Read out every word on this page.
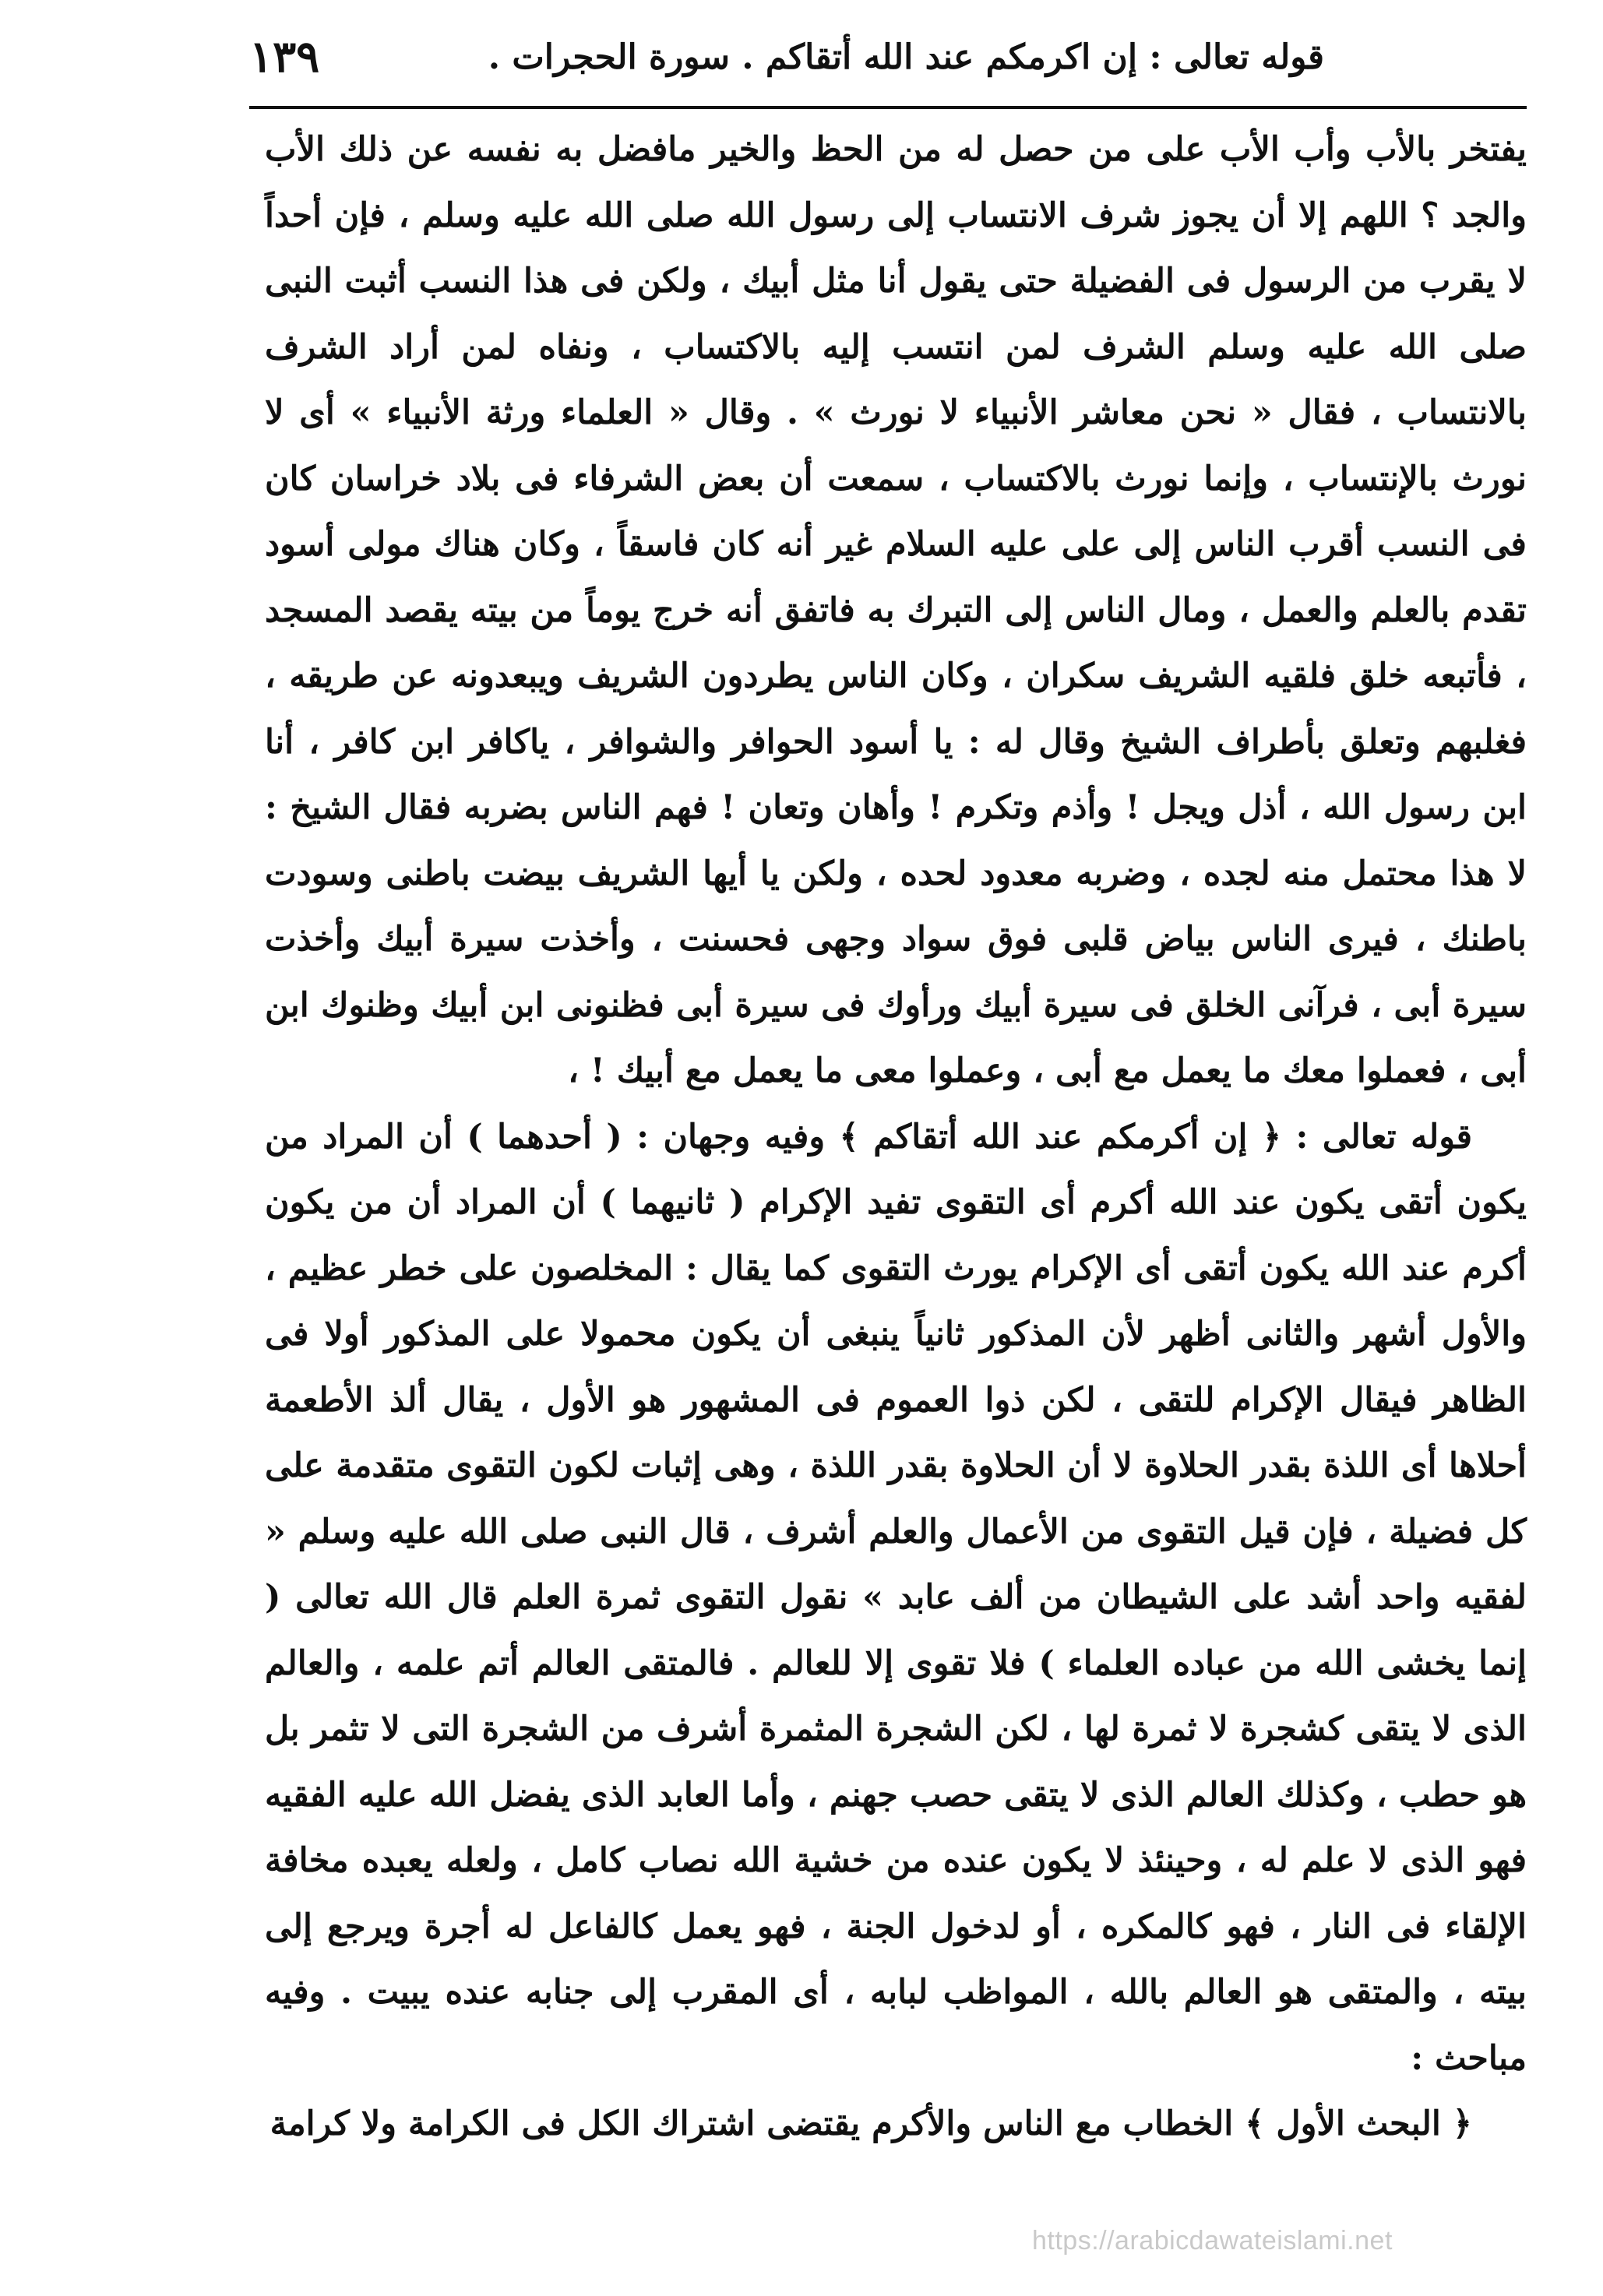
قوله تعالى : إن اكرمكم عند الله أتقاكم . سورة الحجرات .
١٣٩

يفتخر بالأب وأب الأب على من حصل له من الحظ والخير مافضل به نفسه عن ذلك الأب والجد ؟ اللهم إلا أن يجوز شرف الانتساب إلى رسول الله صلى الله عليه وسلم ، فإن أحداً لا يقرب من الرسول فى الفضيلة حتى يقول أنا مثل أبيك ، ولكن فى هذا النسب أثبت النبى صلى الله عليه وسلم الشرف لمن انتسب إليه بالاكتساب ، ونفاه لمن أراد الشرف بالانتساب ، فقال « نحن معاشر الأنبياء لا نورث » . وقال « العلماء ورثة الأنبياء » أى لا نورث بالإنتساب ، وإنما نورث بالاكتساب ، سمعت أن بعض الشرفاء فى بلاد خراسان كان فى النسب أقرب الناس إلى على عليه السلام غير أنه كان فاسقاً ، وكان هناك مولى أسود تقدم بالعلم والعمل ، ومال الناس إلى التبرك به فاتفق أنه خرج يوماً من بيته يقصد المسجد ، فأتبعه خلق فلقيه الشريف سكران ، وكان الناس يطردون الشريف ويبعدونه عن طريقه ، فغلبهم وتعلق بأطراف الشيخ وقال له : يا أسود الحوافر والشوافر ، ياكافر ابن كافر ، أنا ابن رسول الله ، أذل ويجل ! وأذم وتكرم ! وأهان وتعان ! فهم الناس بضربه فقال الشيخ : لا هذا محتمل منه لجده ، وضربه معدود لحده ، ولكن يا أيها الشريف بيضت باطنى وسودت باطنك ، فيرى الناس بياض قلبى فوق سواد وجهى فحسنت ، وأخذت سيرة أبيك وأخذت سيرة أبى ، فرآنى الخلق فى سيرة أبيك ورأوك فى سيرة أبى فظنونى ابن أبيك وظنوك ابن أبى ، فعملوا معك ما يعمل مع أبى ، وعملوا معى ما يعمل مع أبيك ! ،

قوله تعالى : ﴿ إن أكرمكم عند الله أتقاكم ﴾ وفيه وجهان : ( أحدهما ) أن المراد من يكون أتقى يكون عند الله أكرم أى التقوى تفيد الإكرام ( ثانيهما ) أن المراد أن من يكون أكرم عند الله يكون أتقى أى الإكرام يورث التقوى كما يقال : المخلصون على خطر عظيم ، والأول أشهر والثانى أظهر لأن المذكور ثانياً ينبغى أن يكون محمولا على المذكور أولا فى الظاهر فيقال الإكرام للتقى ، لكن ذوا العموم فى المشهور هو الأول ، يقال ألذ الأطعمة أحلاها أى اللذة بقدر الحلاوة لا أن الحلاوة بقدر اللذة ، وهى إثبات لكون التقوى متقدمة على كل فضيلة ، فإن قيل التقوى من الأعمال والعلم أشرف ، قال النبى صلى الله عليه وسلم « لفقيه واحد أشد على الشيطان من ألف عابد » نقول التقوى ثمرة العلم قال الله تعالى ( إنما يخشى الله من عباده العلماء ) فلا تقوى إلا للعالم . فالمتقى العالم أتم علمه ، والعالم الذى لا يتقى كشجرة لا ثمرة لها ، لكن الشجرة المثمرة أشرف من الشجرة التى لا تثمر بل هو حطب ، وكذلك العالم الذى لا يتقى حصب جهنم ، وأما العابد الذى يفضل الله عليه الفقيه فهو الذى لا علم له ، وحينئذ لا يكون عنده من خشية الله نصاب كامل ، ولعله يعبده مخافة الإلقاء فى النار ، فهو كالمكره ، أو لدخول الجنة ، فهو يعمل كالفاعل له أجرة ويرجع إلى بيته ، والمتقى هو العالم بالله ، المواظب لبابه ، أى المقرب إلى جنابه عنده يبيت . وفيه مباحث :

﴿ البحث الأول ﴾ الخطاب مع الناس والأكرم يقتضى اشتراك الكل فى الكرامة ولا كرامة

https://arabicdawateislami.net
